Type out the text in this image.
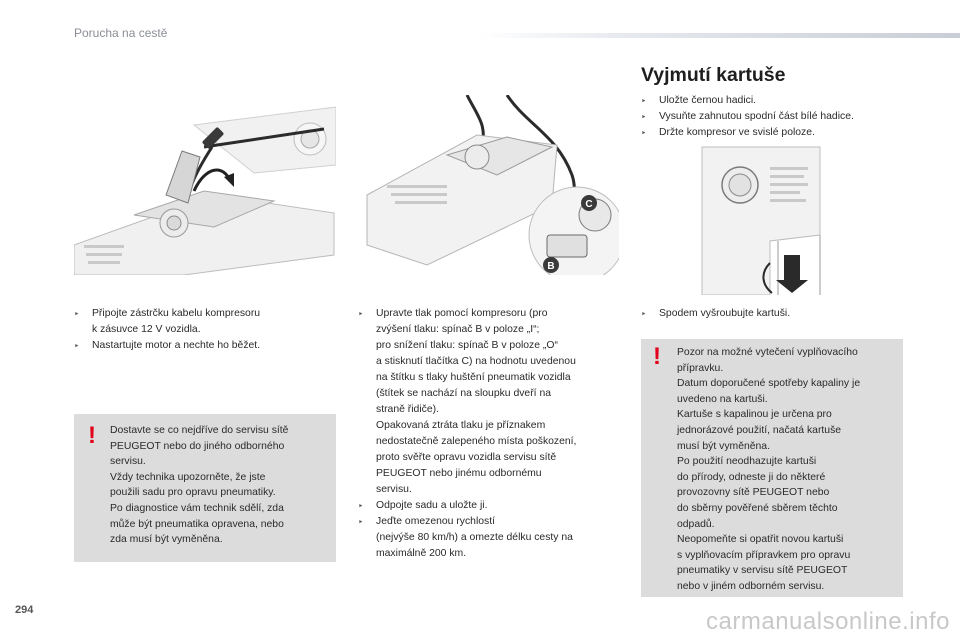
Porucha na cestě
C
B

‣ Připojte zástrčku kabelu kompresoru
k zásuvce 12 V vozidla.

‣ Nastartujte motor a nechte ho běžet.

! Dostavte se co nejdříve do servisu sítě

PEUGEOT nebo do jiného odborného

servisu.

Vždy technika upozorněte, že jste

použili sadu pro opravu pneumatiky.

Po diagnostice vám technik sdělí, zda

může být pneumatika opravena, nebo

zda musí být vyměněna.

‣ Upravte tlak pomocí kompresoru (pro

zvýšení tlaku: spínač B v poloze „I“;

pro snížení tlaku: spínač B v poloze „O“

a stisknutí tlačítka C) na hodnotu uvedenou

na štítku s tlaky huštění pneumatik vozidla

(štítek se nachází na sloupku dveří na

straně řidiče).

Opakovaná ztráta tlaku je příznakem

nedostatečně zalepeného místa poškození,

proto svěřte opravu vozidla servisu sítě

PEUGEOT nebo jinému odbornému

servisu.

‣ Odpojte sadu a uložte ji.

‣ Jeďte omezenou rychlostí

(nejvýše 80 km/h) a omezte délku cesty na

maximálně 200 km.

Vyjmutí kartuše

‣ Uložte černou hadici.

‣ Vysuňte zahnutou spodní část bílé hadice.

‣ Držte kompresor ve svislé poloze.

‣ Spodem vyšroubujte kartuši.

! Pozor na možné vytečení vyplňovacího

přípravku.

Datum doporučené spotřeby kapaliny je

uvedeno na kartuši.

Kartuše s kapalinou je určena pro

jednorázové použití, načatá kartuše

musí být vyměněna.

Po použití neodhazujte kartuši

do přírody, odneste ji do některé

provozovny sítě PEUGEOT nebo

do sběrny pověřené sběrem těchto

odpadů.

Neopomeňte si opatřit novou kartuši

s vyplňovacím přípravkem pro opravu

pneumatiky v servisu sítě PEUGEOT

nebo v jiném odborném servisu.

294	carmanualsonline.info
